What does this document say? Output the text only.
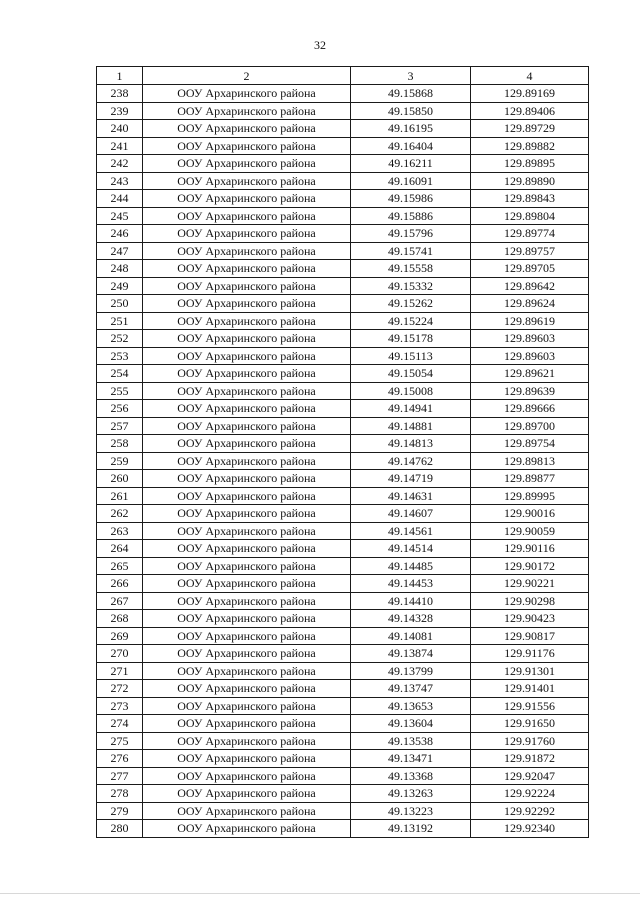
32
1	2	3	4
238	ООУ Архаринского района	49.15868	129.89169
239	ООУ Архаринского района	49.15850	129.89406
240	ООУ Архаринского района	49.16195	129.89729
241	ООУ Архаринского района	49.16404	129.89882
242	ООУ Архаринского района	49.16211	129.89895
243	ООУ Архаринского района	49.16091	129.89890
244	ООУ Архаринского района	49.15986	129.89843
245	ООУ Архаринского района	49.15886	129.89804
246	ООУ Архаринского района	49.15796	129.89774
247	ООУ Архаринского района	49.15741	129.89757
248	ООУ Архаринского района	49.15558	129.89705
249	ООУ Архаринского района	49.15332	129.89642
250	ООУ Архаринского района	49.15262	129.89624
251	ООУ Архаринского района	49.15224	129.89619
252	ООУ Архаринского района	49.15178	129.89603
253	ООУ Архаринского района	49.15113	129.89603
254	ООУ Архаринского района	49.15054	129.89621
255	ООУ Архаринского района	49.15008	129.89639
256	ООУ Архаринского района	49.14941	129.89666
257	ООУ Архаринского района	49.14881	129.89700
258	ООУ Архаринского района	49.14813	129.89754
259	ООУ Архаринского района	49.14762	129.89813
260	ООУ Архаринского района	49.14719	129.89877
261	ООУ Архаринского района	49.14631	129.89995
262	ООУ Архаринского района	49.14607	129.90016
263	ООУ Архаринского района	49.14561	129.90059
264	ООУ Архаринского района	49.14514	129.90116
265	ООУ Архаринского района	49.14485	129.90172
266	ООУ Архаринского района	49.14453	129.90221
267	ООУ Архаринского района	49.14410	129.90298
268	ООУ Архаринского района	49.14328	129.90423
269	ООУ Архаринского района	49.14081	129.90817
270	ООУ Архаринского района	49.13874	129.91176
271	ООУ Архаринского района	49.13799	129.91301
272	ООУ Архаринского района	49.13747	129.91401
273	ООУ Архаринского района	49.13653	129.91556
274	ООУ Архаринского района	49.13604	129.91650
275	ООУ Архаринского района	49.13538	129.91760
276	ООУ Архаринского района	49.13471	129.91872
277	ООУ Архаринского района	49.13368	129.92047
278	ООУ Архаринского района	49.13263	129.92224
279	ООУ Архаринского района	49.13223	129.92292
280	ООУ Архаринского района	49.13192	129.92340
